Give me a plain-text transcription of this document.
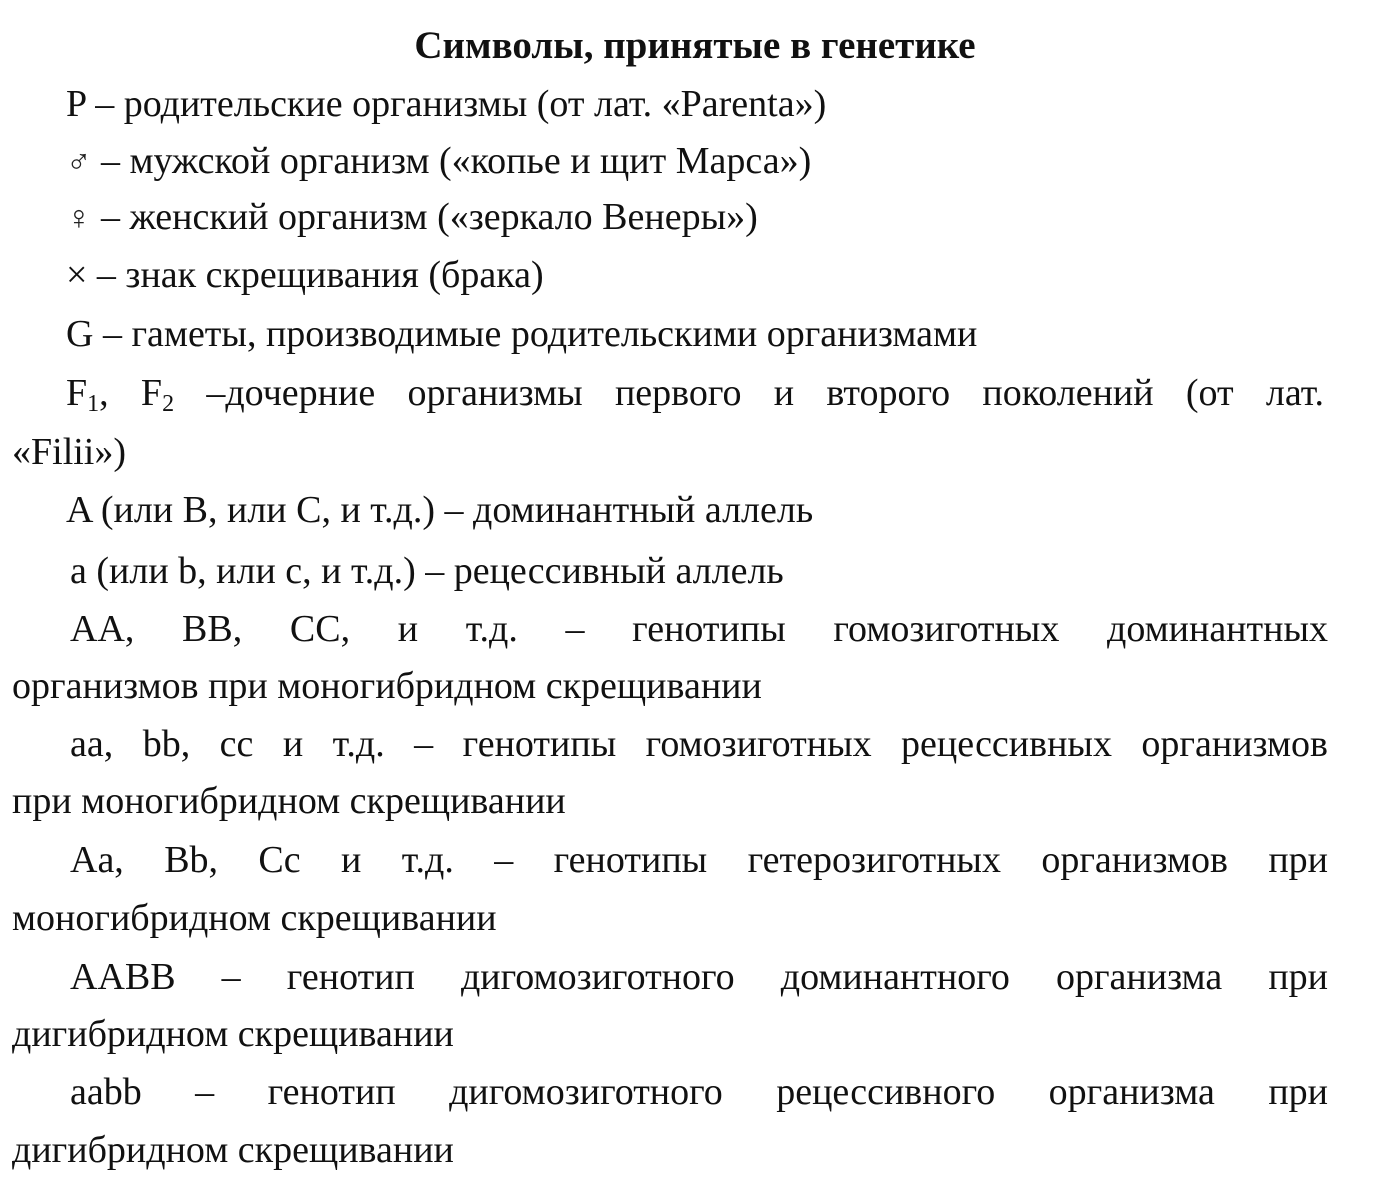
Символы, принятые в генетике
P – родительские организмы (от лат. «Parenta»)
♂ – мужской организм («копье и щит Марса»)
♀ – женский организм («зеркало Венеры»)
× – знак скрещивания (брака)
G – гаметы, производимые родительскими организмами
$F_1$, $F_2$ –дочерние организмы первого и второго поколений (от лат.
«Filii»)
A (или B, или C, и т.д.) – доминантный аллель
a (или b, или c, и т.д.) – рецессивный аллель
AA, BB, CC, и т.д. – генотипы гомозиготных доминантных
организмов при моногибридном скрещивании
aa, bb, cc и т.д. – генотипы гомозиготных рецессивных организмов
при моногибридном скрещивании
Aa, Bb, Cc и т.д. – генотипы гетерозиготных организмов при
моногибридном скрещивании
AABB – генотип дигомозиготного доминантного организма при
дигибридном скрещивании
aabb – генотип дигомозиготного рецессивного организма при
дигибридном скрещивании
